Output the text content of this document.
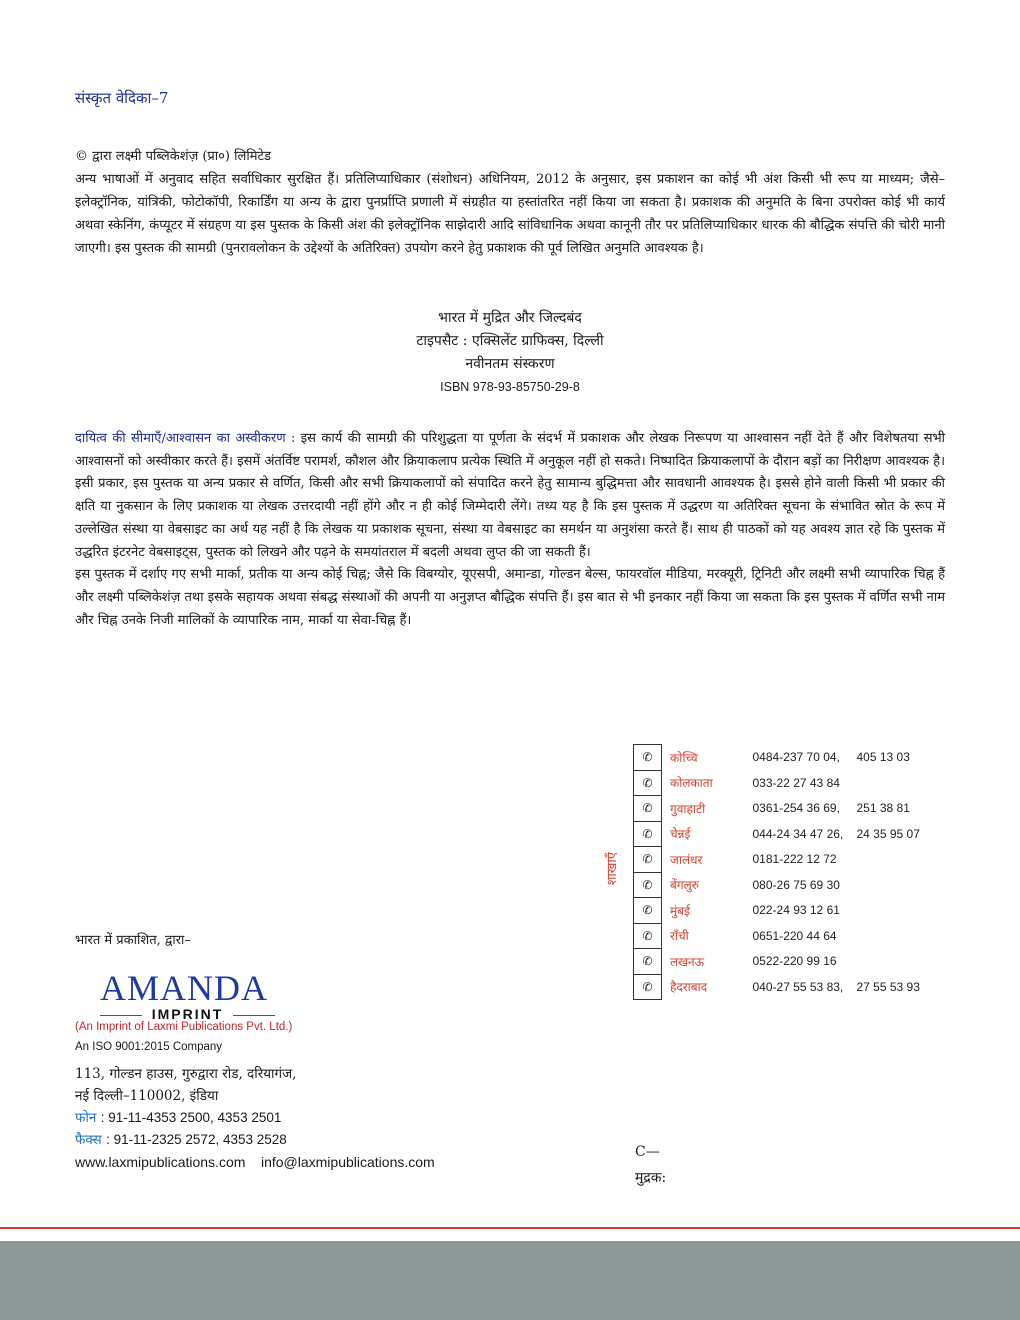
संस्कृत वेदिका–7

© द्वारा लक्ष्मी पब्लिकेशंज़ (प्रा०) लिमिटेड

अन्य भाषाओं में अनुवाद सहित सर्वाधिकार सुरक्षित हैं। प्रतिलिप्याधिकार (संशोधन) अधिनियम, 2012 के अनुसार, इस प्रकाशन का कोई भी अंश किसी भी रूप या माध्यम; जैसे–इलेक्ट्रॉनिक, यांत्रिकी, फोटोकॉपी, रिकार्डिंग या अन्य के द्वारा पुनर्प्राप्ति प्रणाली में संग्रहीत या हस्तांतरित नहीं किया जा सकता है। प्रकाशक की अनुमति के बिना उपरोक्त कोई भी कार्य अथवा स्केनिंग, कंप्यूटर में संग्रहण या इस पुस्तक के किसी अंश की इलेक्ट्रॉनिक साझेदारी आदि सांविधानिक अथवा कानूनी तौर पर प्रतिलिप्याधिकार धारक की बौद्धिक संपत्ति की चोरी मानी जाएगी। इस पुस्तक की सामग्री (पुनरावलोकन के उद्देश्यों के अतिरिक्त) उपयोग करने हेतु प्रकाशक की पूर्व लिखित अनुमति आवश्यक है।

भारत में मुद्रित और जिल्दबंद
टाइपसैट : एक्सिलेंट ग्राफिक्स, दिल्ली
नवीनतम संस्करण
ISBN 978-93-85750-29-8

दायित्व की सीमाएँ/आश्वासन का अस्वीकरण : इस कार्य की सामग्री की परिशुद्धता या पूर्णता के संदर्भ में प्रकाशक और लेखक निरूपण या आश्वासन नहीं देते हैं और विशेषतया सभी आश्वासनों को अस्वीकार करते हैं। इसमें अंतर्विष्ट परामर्श, कौशल और क्रियाकलाप प्रत्येक स्थिति में अनुकूल नहीं हो सकते। निष्पादित क्रियाकलापों के दौरान बड़ों का निरीक्षण आवश्यक है। इसी प्रकार, इस पुस्तक या अन्य प्रकार से वर्णित, किसी और सभी क्रियाकलापों को संपादित करने हेतु सामान्य बुद्धिमत्ता और सावधानी आवश्यक है। इससे होने वाली किसी भी प्रकार की क्षति या नुकसान के लिए प्रकाशक या लेखक उत्तरदायी नहीं होंगे और न ही कोई जिम्मेदारी लेंगे। तथ्य यह है कि इस पुस्तक में उद्धरण या अतिरिक्त सूचना के संभावित स्रोत के रूप में उल्लेखित संस्था या वेबसाइट का अर्थ यह नहीं है कि लेखक या प्रकाशक सूचना, संस्था या वेबसाइट का समर्थन या अनुशंसा करते हैं। साथ ही पाठकों को यह अवश्य ज्ञात रहे कि पुस्तक में उद्धरित इंटरनेट वेबसाइट्स, पुस्तक को लिखने और पढ़ने के समयांतराल में बदली अथवा लुप्त की जा सकती हैं।

इस पुस्तक में दर्शाए गए सभी मार्का, प्रतीक या अन्य कोई चिह्न; जैसे कि विबग्योर, यूएसपी, अमान्डा, गोल्डन बेल्स, फायरवॉल मीडिया, मरक्यूरी, ट्रिनिटी और लक्ष्मी सभी व्यापारिक चिह्न हैं और लक्ष्मी पब्लिकेशंज़ तथा इसके सहायक अथवा संबद्ध संस्थाओं की अपनी या अनुज्ञप्त बौद्धिक संपत्ति हैं। इस बात से भी इनकार नहीं किया जा सकता कि इस पुस्तक में वर्णित सभी नाम और चिह्न उनके निजी मालिकों के व्यापारिक नाम, मार्का या सेवा-चिह्न हैं।

शाखाएँ
✆	कोच्चि	0484-237 70 04,	405 13 03
✆	कोलकाता	033-22 27 43 84	
✆	गुवाहाटी	0361-254 36 69,	251 38 81
✆	चेन्नई	044-24 34 47 26,	24 35 95 07
✆	जालंधर	0181-222 12 72	
✆	बेंगलुरु	080-26 75 69 30	
✆	मुंबई	022-24 93 12 61	
✆	राँची	0651-220 44 64	
✆	लखनऊ	0522-220 99 16	
✆	हैदराबाद	040-27 55 53 83,	27 55 53 93
भारत में प्रकाशित, द्वारा–
AMANDA
IMPRINT
(An Imprint of Laxmi Publications Pvt. Ltd.)
An ISO 9001:2015 Company
113, गोल्डन हाउस, गुरुद्वारा रोड, दरियागंज,
नई दिल्ली–110002, इंडिया
फोन : 91-11-4353 2500, 4353 2501
फैक्स : 91-11-2325 2572, 4353 2528
www.laxmipublications.com info@laxmipublications.com
C—
मुद्रक:
